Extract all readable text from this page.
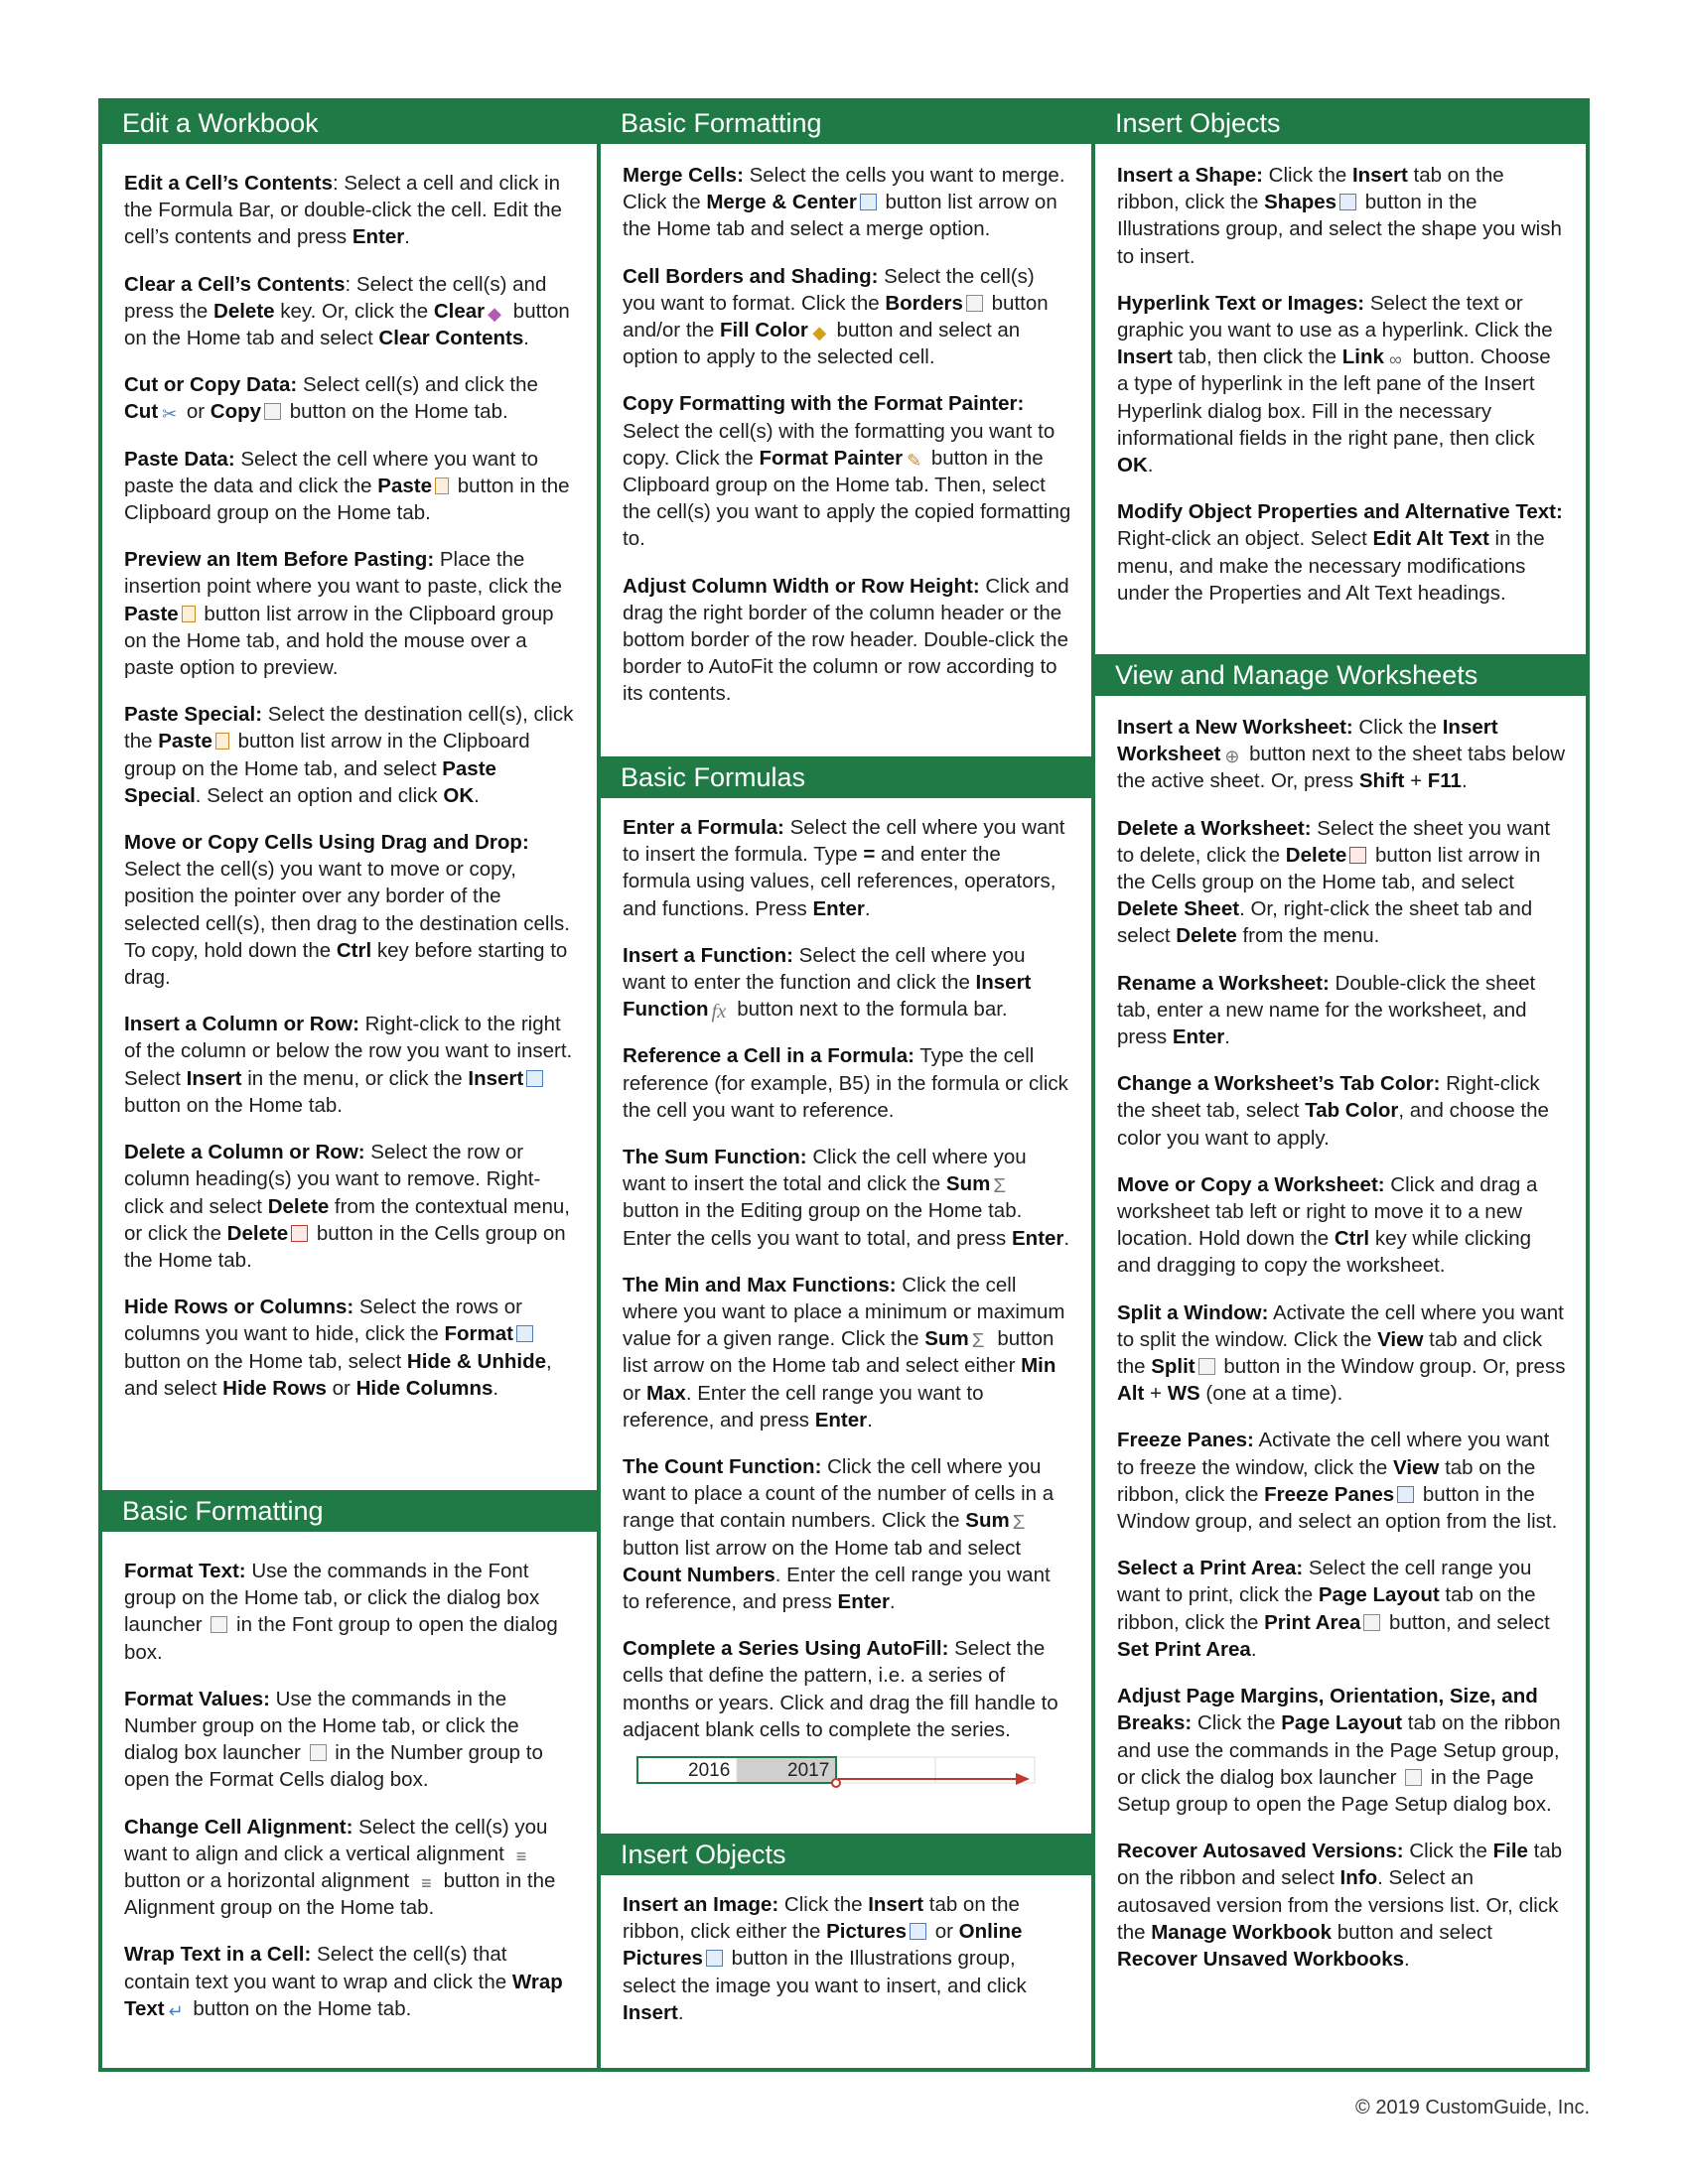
Edit a Workbook

Edit a Cell’s Contents: Select a cell and click in the Formula Bar, or double-click the cell. Edit the cell’s contents and press Enter.

Clear a Cell’s Contents: Select the cell(s) and press the Delete key. Or, click the Clear ◆ button on the Home tab and select Clear Contents.

Cut or Copy Data: Select cell(s) and click the Cut ✂ or Copy button on the Home tab.

Paste Data: Select the cell where you want to paste the data and click the Paste button in the Clipboard group on the Home tab.

Preview an Item Before Pasting: Place the insertion point where you want to paste, click the Paste button list arrow in the Clipboard group on the Home tab, and hold the mouse over a paste option to preview.

Paste Special: Select the destination cell(s), click the Paste button list arrow in the Clipboard group on the Home tab, and select Paste Special. Select an option and click OK.

Move or Copy Cells Using Drag and Drop: Select the cell(s) you want to move or copy, position the pointer over any border of the selected cell(s), then drag to the destination cells. To copy, hold down the Ctrl key before starting to drag.

Insert a Column or Row: Right-click to the right of the column or below the row you want to insert. Select Insert in the menu, or click the Insert button on the Home tab.

Delete a Column or Row: Select the row or column heading(s) you want to remove. Right-click and select Delete from the contextual menu, or click the Delete button in the Cells group on the Home tab.

Hide Rows or Columns: Select the rows or columns you want to hide, click the Format button on the Home tab, select Hide & Unhide, and select Hide Rows or Hide Columns.

Basic Formatting

Format Text: Use the commands in the Font group on the Home tab, or click the dialog box launcher  in the Font group to open the dialog box.

Format Values: Use the commands in the Number group on the Home tab, or click the dialog box launcher  in the Number group to open the Format Cells dialog box.

Change Cell Alignment: Select the cell(s) you want to align and click a vertical alignment ≡ button or a horizontal alignment ≡ button in the Alignment group on the Home tab.

Wrap Text in a Cell: Select the cell(s) that contain text you want to wrap and click the Wrap Text ↵ button on the Home tab.

Basic Formatting

Merge Cells: Select the cells you want to merge. Click the Merge & Center button list arrow on the Home tab and select a merge option.

Cell Borders and Shading: Select the cell(s) you want to format. Click the Borders button and/or the Fill Color ◆ button and select an option to apply to the selected cell.

Copy Formatting with the Format Painter: Select the cell(s) with the formatting you want to copy. Click the Format Painter ✎ button in the Clipboard group on the Home tab. Then, select the cell(s) you want to apply the copied formatting to.

Adjust Column Width or Row Height: Click and drag the right border of the column header or the bottom border of the row header. Double-click the border to AutoFit the column or row according to its contents.

Basic Formulas

Enter a Formula: Select the cell where you want to insert the formula. Type = and enter the formula using values, cell references, operators, and functions. Press Enter.

Insert a Function: Select the cell where you want to enter the function and click the Insert Function fx button next to the formula bar.

Reference a Cell in a Formula: Type the cell reference (for example, B5) in the formula or click the cell you want to reference.

The Sum Function: Click the cell where you want to insert the total and click the Sum Σ button in the Editing group on the Home tab. Enter the cells you want to total, and press Enter.

The Min and Max Functions: Click the cell where you want to place a minimum or maximum value for a given range. Click the Sum Σ button list arrow on the Home tab and select either Min or Max. Enter the cell range you want to reference, and press Enter.

The Count Function: Click the cell where you want to place a count of the number of cells in a range that contain numbers. Click the Sum Σ button list arrow on the Home tab and select Count Numbers. Enter the cell range you want to reference, and press Enter.

Complete a Series Using AutoFill: Select the cells that define the pattern, i.e. a series of months or years. Click and drag the fill handle to adjacent blank cells to complete the series.

2016	2017
Insert Objects

Insert an Image: Click the Insert tab on the ribbon, click either the Pictures or Online Pictures button in the Illustrations group, select the image you want to insert, and click Insert.

Insert Objects

Insert a Shape: Click the Insert tab on the ribbon, click the Shapes button in the Illustrations group, and select the shape you wish to insert.

Hyperlink Text or Images: Select the text or graphic you want to use as a hyperlink. Click the Insert tab, then click the Link ∞ button. Choose a type of hyperlink in the left pane of the Insert Hyperlink dialog box. Fill in the necessary informational fields in the right pane, then click OK.

Modify Object Properties and Alternative Text: Right-click an object. Select Edit Alt Text in the menu, and make the necessary modifications under the Properties and Alt Text headings.

View and Manage Worksheets

Insert a New Worksheet: Click the Insert Worksheet ⊕ button next to the sheet tabs below the active sheet. Or, press Shift + F11.

Delete a Worksheet: Select the sheet you want to delete, click the Delete button list arrow in the Cells group on the Home tab, and select Delete Sheet. Or, right-click the sheet tab and select Delete from the menu.

Rename a Worksheet: Double-click the sheet tab, enter a new name for the worksheet, and press Enter.

Change a Worksheet’s Tab Color: Right-click the sheet tab, select Tab Color, and choose the color you want to apply.

Move or Copy a Worksheet: Click and drag a worksheet tab left or right to move it to a new location. Hold down the Ctrl key while clicking and dragging to copy the worksheet.

Split a Window: Activate the cell where you want to split the window. Click the View tab and click the Split button in the Window group. Or, press Alt + WS (one at a time).

Freeze Panes: Activate the cell where you want to freeze the window, click the View tab on the ribbon, click the Freeze Panes button in the Window group, and select an option from the list.

Select a Print Area: Select the cell range you want to print, click the Page Layout tab on the ribbon, click the Print Area button, and select Set Print Area.

Adjust Page Margins, Orientation, Size, and Breaks: Click the Page Layout tab on the ribbon and use the commands in the Page Setup group, or click the dialog box launcher  in the Page Setup group to open the Page Setup dialog box.

Recover Autosaved Versions: Click the File tab on the ribbon and select Info. Select an autosaved version from the versions list. Or, click the Manage Workbook button and select Recover Unsaved Workbooks.

© 2019 CustomGuide, Inc.
